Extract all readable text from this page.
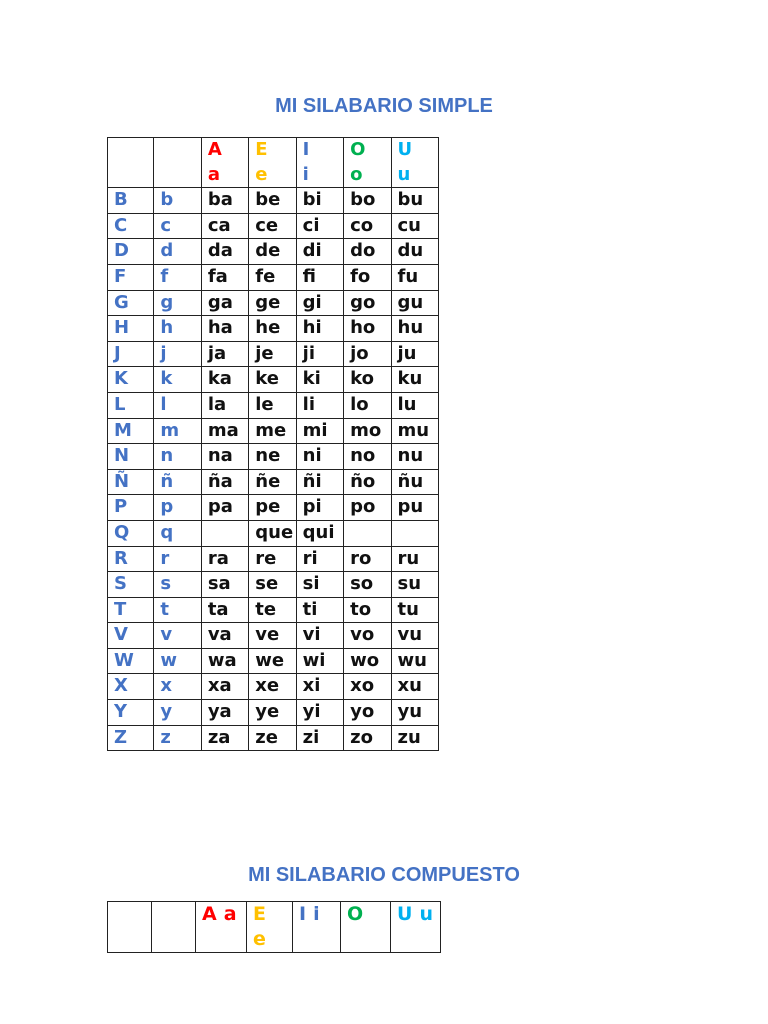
MI SILABARIO SIMPLE

		A
a	E
e	I
i	O
o	U
u

B	b	ba	be	bi	bo	bu
C	c	ca	ce	ci	co	cu
D	d	da	de	di	do	du
F	f	fa	fe	fi	fo	fu
G	g	ga	ge	gi	go	gu
H	h	ha	he	hi	ho	hu
J	j	ja	je	ji	jo	ju
K	k	ka	ke	ki	ko	ku
L	l	la	le	li	lo	lu
M	m	ma	me	mi	mo	mu
N	n	na	ne	ni	no	nu
Ñ	ñ	ña	ñe	ñi	ño	ñu
P	p	pa	pe	pi	po	pu
Q	q		que	qui		
R	r	ra	re	ri	ro	ru
S	s	sa	se	si	so	su
T	t	ta	te	ti	to	tu
V	v	va	ve	vi	vo	vu
W	w	wa	we	wi	wo	wu
X	x	xa	xe	xi	xo	xu
Y	y	ya	ye	yi	yo	yu
Z	z	za	ze	zi	zo	zu
MI SILABARIO COMPUESTO
		A a	Ee	I i	O	U u
